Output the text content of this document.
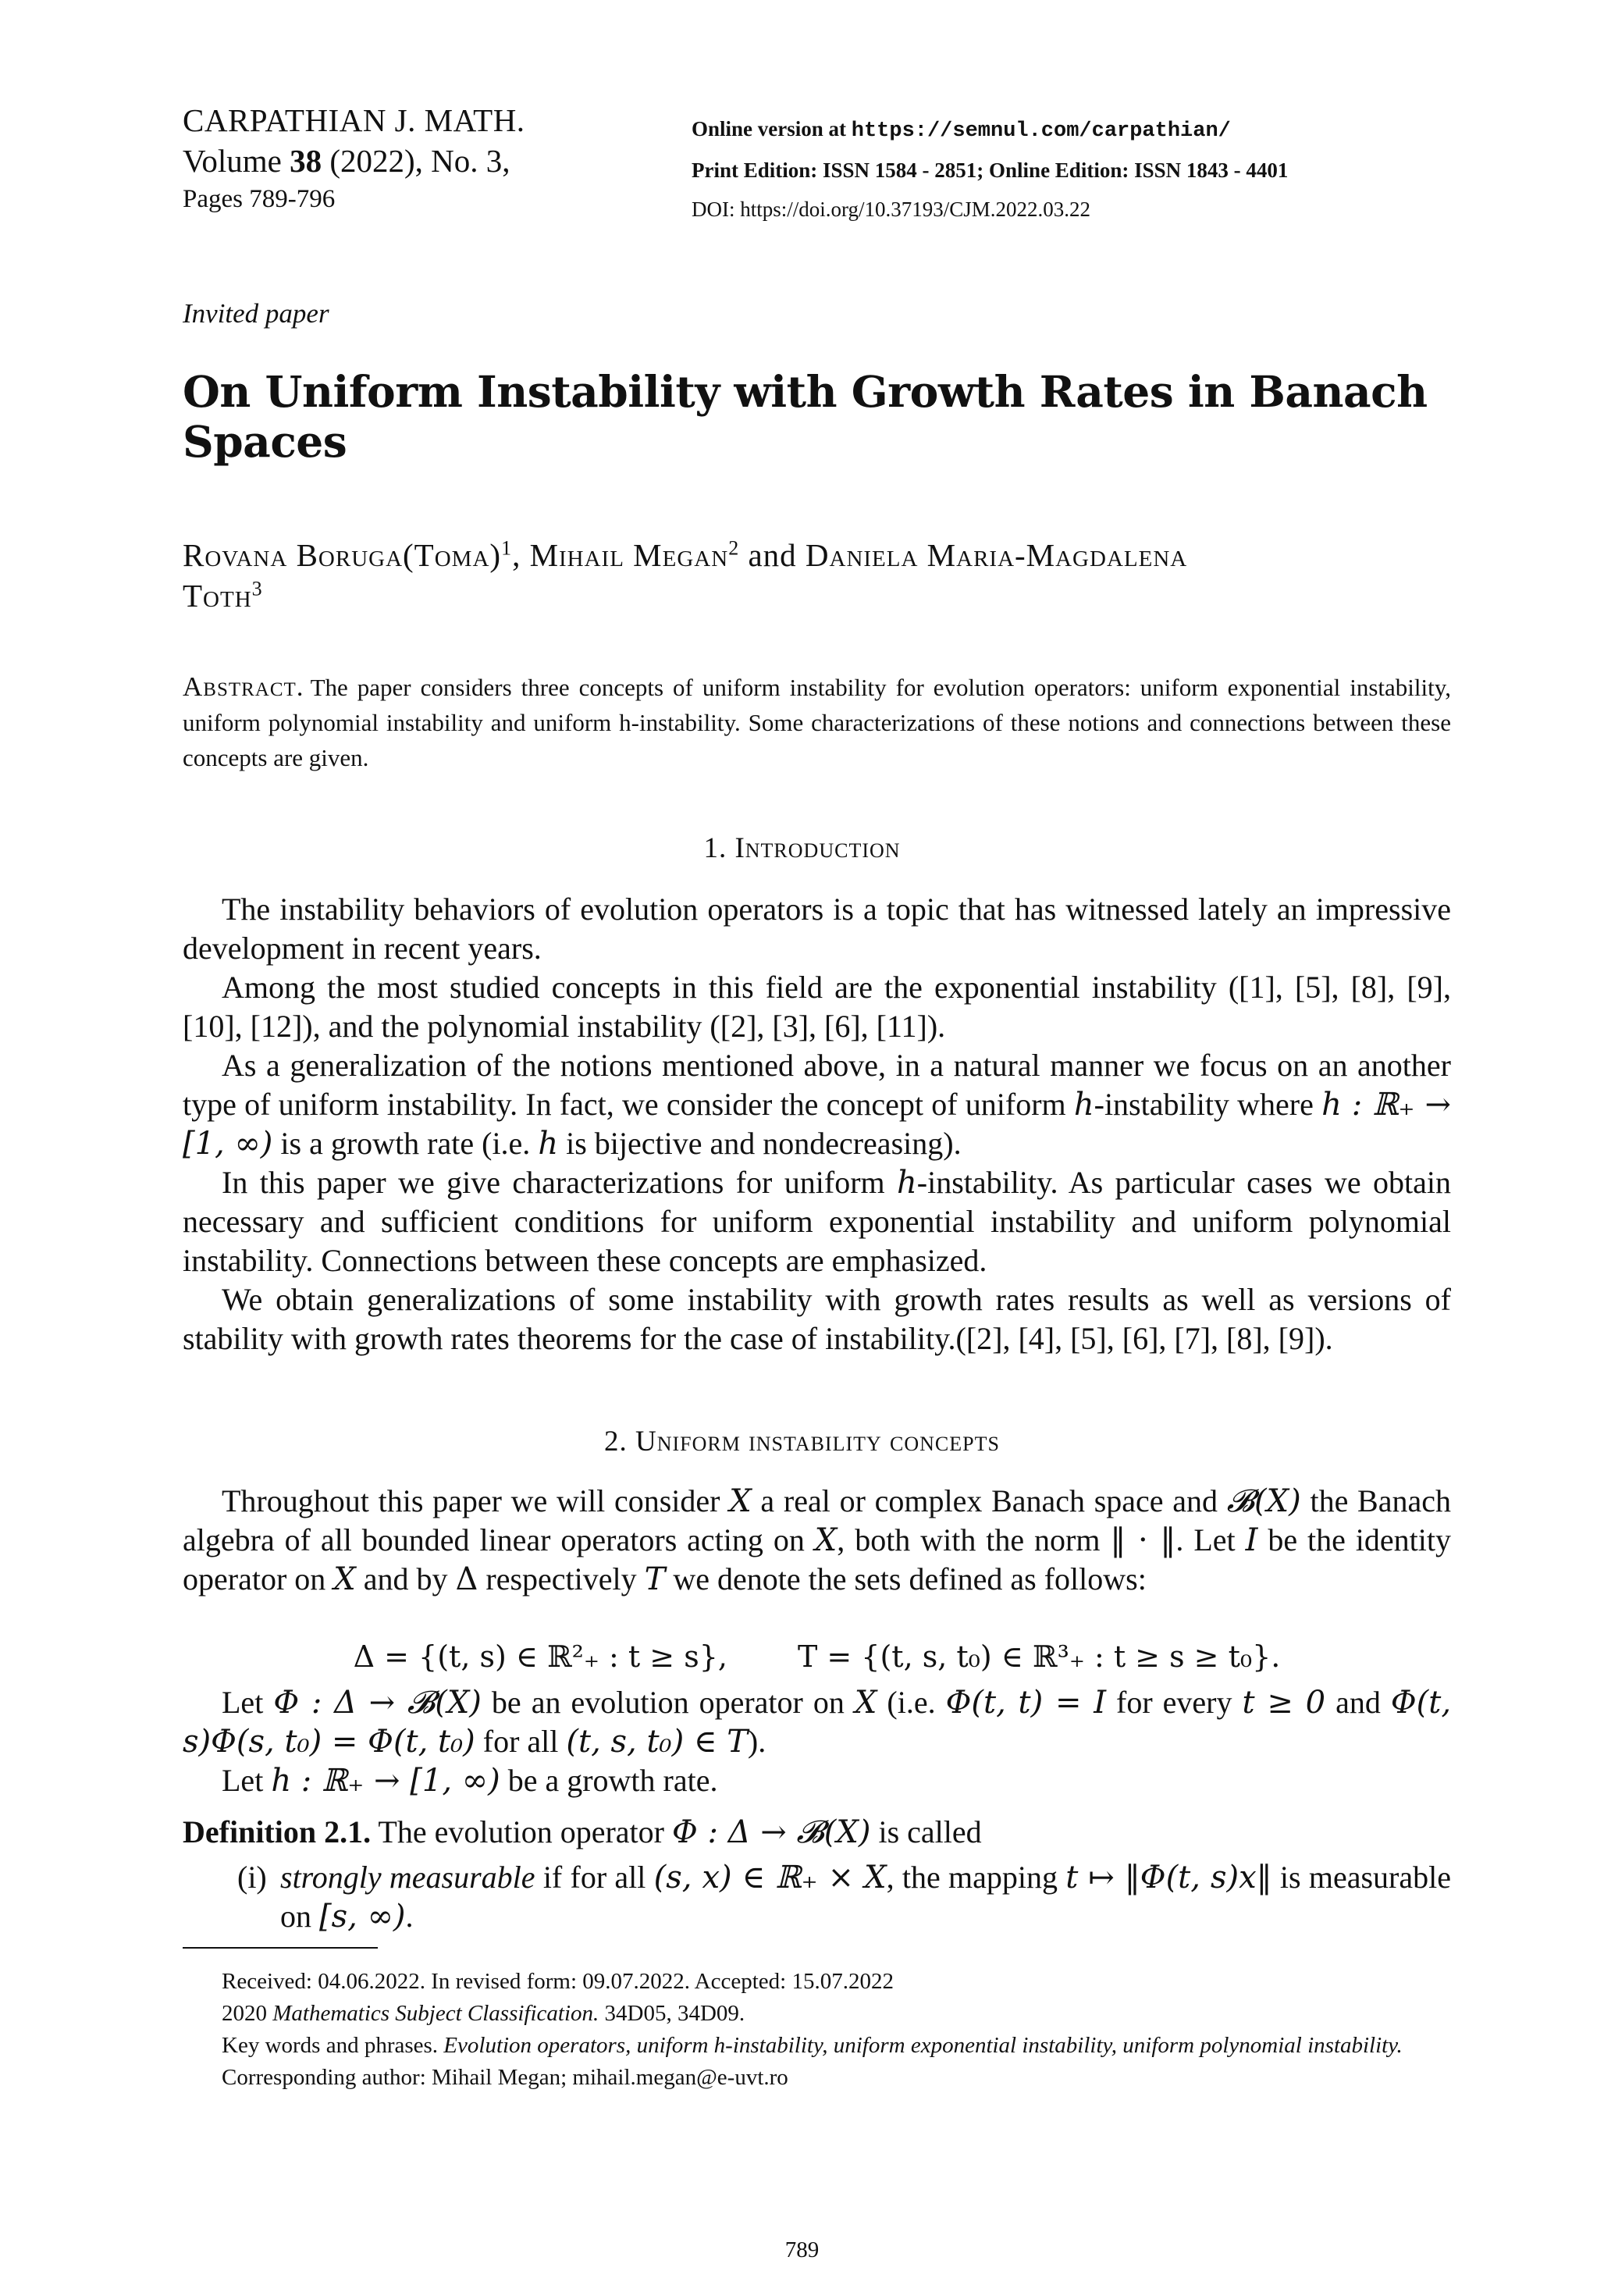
CARPATHIAN J. MATH.
Volume 38 (2022), No. 3,
Pages 789-796
Online version at https://semnul.com/carpathian/
Print Edition: ISSN 1584 - 2851; Online Edition: ISSN 1843 - 4401
DOI: https://doi.org/10.37193/CJM.2022.03.22
Invited paper
On Uniform Instability with Growth Rates in Banach
Spaces
Rovana Boruga(Toma)$^1$, Mihail Megan$^2$ and Daniela Maria-Magdalena
Toth$^3$
Abstract. The paper considers three concepts of uniform instability for evolution operators: uniform exponential instability, uniform polynomial instability and uniform h-instability. Some characterizations of these notions and connections between these concepts are given.
1. Introduction
The instability behaviors of evolution operators is a topic that has witnessed lately an impressive development in recent years.
Among the most studied concepts in this field are the exponential instability ([1], [5], [8], [9], [10], [12]), and the polynomial instability ([2], [3], [6], [11]).
As a generalization of the notions mentioned above, in a natural manner we focus on an another type of uniform instability. In fact, we consider the concept of uniform h-instability where h : ℝ₊ → [1, ∞) is a growth rate (i.e. h is bijective and nondecreasing).
In this paper we give characterizations for uniform h-instability. As particular cases we obtain necessary and sufficient conditions for uniform exponential instability and uniform polynomial instability. Connections between these concepts are emphasized.
We obtain generalizations of some instability with growth rates results as well as versions of stability with growth rates theorems for the case of instability.([2], [4], [5], [6], [7], [8], [9]).
2. Uniform instability concepts
Throughout this paper we will consider X a real or complex Banach space and 𝓑(X) the Banach algebra of all bounded linear operators acting on X, both with the norm ‖ · ‖. Let I be the identity operator on X and by Δ respectively T we denote the sets defined as follows:
Δ = {(t, s) ∈ ℝ²₊ : t ≥ s}, T = {(t, s, t₀) ∈ ℝ³₊ : t ≥ s ≥ t₀}.
Let Φ : Δ → 𝓑(X) be an evolution operator on X (i.e. Φ(t, t) = I for every t ≥ 0 and Φ(t, s)Φ(s, t₀) = Φ(t, t₀) for all (t, s, t₀) ∈ T).
Let h : ℝ₊ → [1, ∞) be a growth rate.
Definition 2.1. The evolution operator Φ : Δ → 𝓑(X) is called
(i) strongly measurable if for all (s, x) ∈ ℝ₊ × X, the mapping t ↦ ‖Φ(t, s)x‖ is measurable on [s, ∞).
Received: 04.06.2022. In revised form: 09.07.2022. Accepted: 15.07.2022
2020 Mathematics Subject Classification. 34D05, 34D09.
Key words and phrases. Evolution operators, uniform h-instability, uniform exponential instability, uniform polynomial instability.
Corresponding author: Mihail Megan; mihail.megan@e-uvt.ro
789
